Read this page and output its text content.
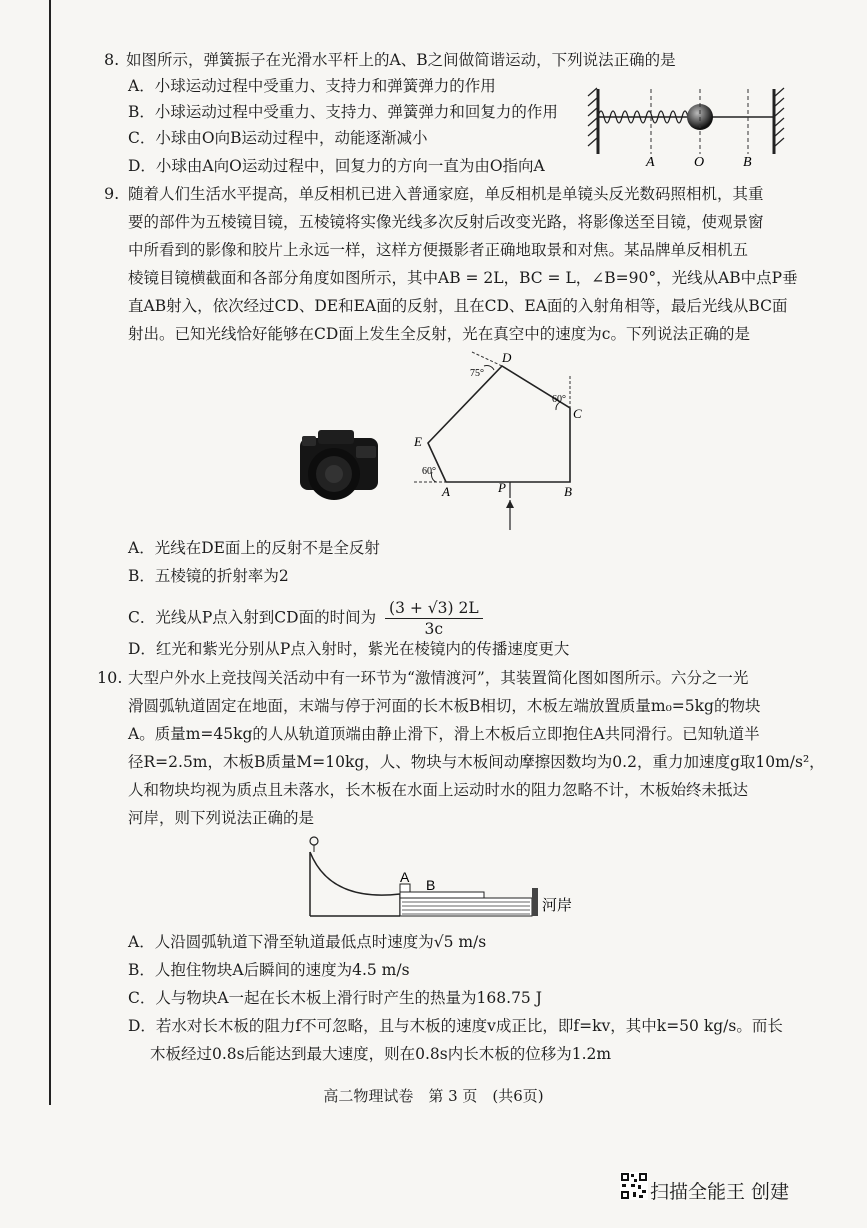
8. 如图所示，弹簧振子在光滑水平杆上的A、B之间做简谐运动，下列说法正确的是
A．小球运动过程中受重力、支持力和弹簧弹力的作用
B．小球运动过程中受重力、支持力、弹簧弹力和回复力的作用
C．小球由O向B运动过程中，动能逐渐减小
D．小球由A向O运动过程中，回复力的方向一直为由O指向A	A	O	B
9. 随着人们生活水平提高，单反相机已进入普通家庭，单反相机是单镜头反光数码照相机，其重
要的部件为五棱镜目镜，五棱镜将实像光线多次反射后改变光路，将影像送至目镜，使观景窗
中所看到的影像和胶片上永远一样，这样方便摄影者正确地取景和对焦。某品牌单反相机五
棱镜目镜横截面和各部分角度如图所示，其中AB = 2L，BC = L，∠B=90°，光线从AB中点P垂
直AB射入，依次经过CD、DE和EA面的反射，且在CD、EA面的入射角相等，最后光线从BC面
射出。已知光线恰好能够在CD面上发生全反射，光在真空中的速度为c。下列说法正确的是
D
C
E
A	P	B
75°
60°
60°
A．光线在DE面上的反射不是全反射
B．五棱镜的折射率为2
C．光线从P点入射到CD面的时间为 $\frac{(3 + √3) 2L}{3c}$
D．红光和紫光分别从P点入射时，紫光在棱镜内的传播速度更大
10. 大型户外水上竞技闯关活动中有一环节为“激情渡河”，其装置简化图如图所示。六分之一光
滑圆弧轨道固定在地面，末端与停于河面的长木板B相切，木板左端放置质量m₀=5kg的物块
A。质量m=45kg的人从轨道顶端由静止滑下，滑上木板后立即抱住A共同滑行。已知轨道半
径R=2.5m，木板B质量M=10kg，人、物块与木板间动摩擦因数均为0.2，重力加速度g取10m/s²，
人和物块均视为质点且未落水，长木板在水面上运动时水的阻力忽略不计，木板始终未抵达
河岸，则下列说法正确的是
A B
河岸
A．人沿圆弧轨道下滑至轨道最低点时速度为√5 m/s
B．人抱住物块A后瞬间的速度为4.5 m/s
C．人与物块A一起在长木板上滑行时产生的热量为168.75 J
D．若水对长木板的阻力f不可忽略，且与木板的速度v成正比，即f=kv，其中k=50 kg/s。而长
木板经过0.8s后能达到最大速度，则在0.8s内长木板的位移为1.2m
高二物理试卷　第 3 页　(共6页)
扫描全能王 创建
